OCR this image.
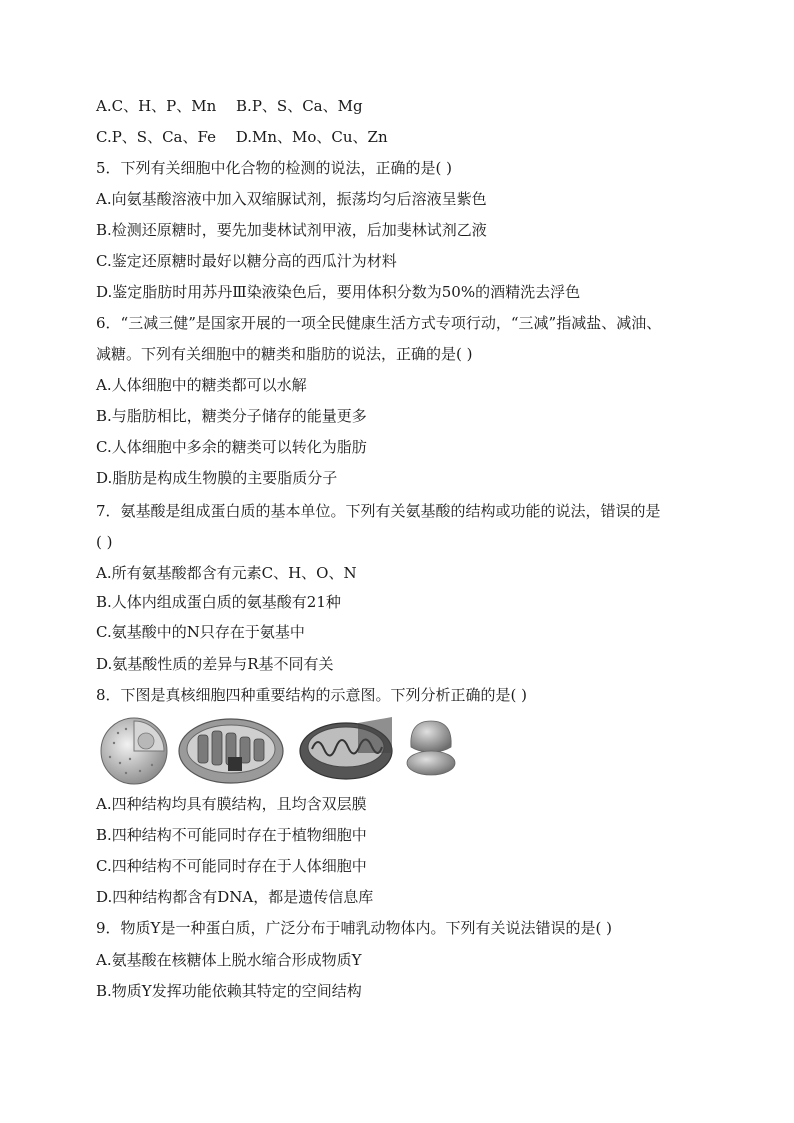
A.C、H、P、Mn　 B.P、S、Ca、Mg
C.P、S、Ca、Fe　 D.Mn、Mo、Cu、Zn
5．下列有关细胞中化合物的检测的说法，正确的是( )
A.向氨基酸溶液中加入双缩脲试剂，振荡均匀后溶液呈紫色
B.检测还原糖时，要先加斐林试剂甲液，后加斐林试剂乙液
C.鉴定还原糖时最好以糖分高的西瓜汁为材料
D.鉴定脂肪时用苏丹Ⅲ染液染色后，要用体积分数为50%的酒精洗去浮色
6．“三减三健”是国家开展的一项全民健康生活方式专项行动，“三减”指减盐、减油、
减糖。下列有关细胞中的糖类和脂肪的说法，正确的是( )
A.人体细胞中的糖类都可以水解
B.与脂肪相比，糖类分子储存的能量更多
C.人体细胞中多余的糖类可以转化为脂肪
D.脂肪是构成生物膜的主要脂质分子
7．氨基酸是组成蛋白质的基本单位。下列有关氨基酸的结构或功能的说法，错误的是
( )
A.所有氨基酸都含有元素C、H、O、N
B.人体内组成蛋白质的氨基酸有21种
C.氨基酸中的N只存在于氨基中
D.氨基酸性质的差异与R基不同有关
8．下图是真核细胞四种重要结构的示意图。下列分析正确的是( )
A.四种结构均具有膜结构，且均含双层膜
B.四种结构不可能同时存在于植物细胞中
C.四种结构不可能同时存在于人体细胞中
D.四种结构都含有DNA，都是遗传信息库
9．物质Y是一种蛋白质，广泛分布于哺乳动物体内。下列有关说法错误的是( )
A.氨基酸在核糖体上脱水缩合形成物质Y
B.物质Y发挥功能依赖其特定的空间结构
